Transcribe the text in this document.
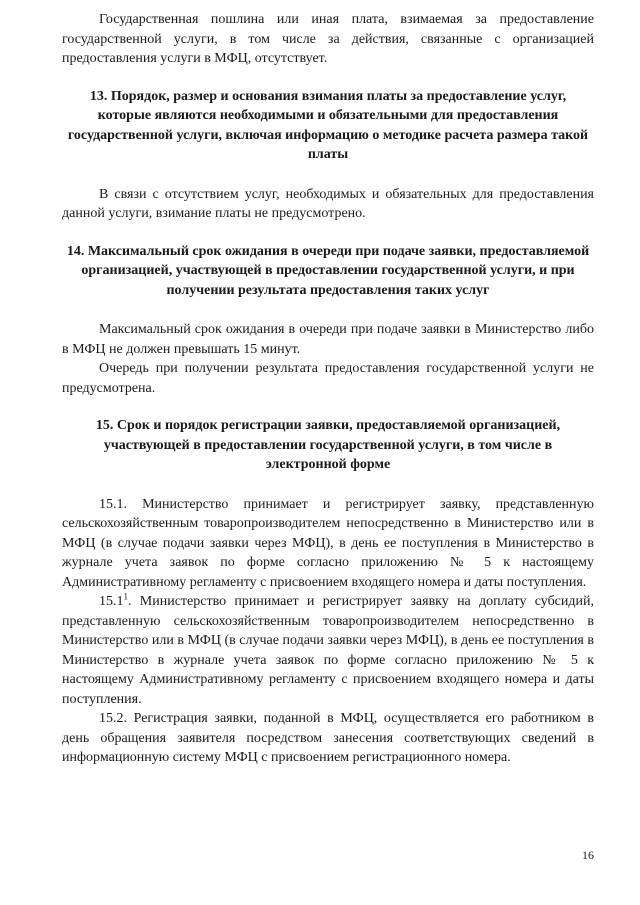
Государственная пошлина или иная плата, взимаемая за предоставление государственной услуги, в том числе за действия, связанные с организацией предоставления услуги в МФЦ, отсутствует.

13. Порядок, размер и основания взимания платы за предоставление услуг, которые являются необходимыми и обязательными для предоставления государственной услуги, включая информацию о методике расчета размера такой платы

В связи с отсутствием услуг, необходимых и обязательных для предоставления данной услуги, взимание платы не предусмотрено.

14. Максимальный срок ожидания в очереди при подаче заявки, предоставляемой организацией, участвующей в предоставлении государственной услуги, и при получении результата предоставления таких услуг

Максимальный срок ожидания в очереди при подаче заявки в Министерство либо в МФЦ не должен превышать 15 минут.

Очередь при получении результата предоставления государственной услуги не предусмотрена.

15. Срок и порядок регистрации заявки, предоставляемой организацией, участвующей в предоставлении государственной услуги, в том числе в электронной форме

15.1. Министерство принимает и регистрирует заявку, представленную сельскохозяйственным товаропроизводителем непосредственно в Министерство или в МФЦ (в случае подачи заявки через МФЦ), в день ее поступления в Министерство в журнале учета заявок по форме согласно приложению № 5 к настоящему Административному регламенту с присвоением входящего номера и даты поступления.

15.1$^1$. Министерство принимает и регистрирует заявку на доплату субсидий, представленную сельскохозяйственным товаропроизводителем непосредственно в Министерство или в МФЦ (в случае подачи заявки через МФЦ), в день ее поступления в Министерство в журнале учета заявок по форме согласно приложению № 5 к настоящему Административному регламенту с присвоением входящего номера и даты поступления.

15.2. Регистрация заявки, поданной в МФЦ, осуществляется его работником в день обращения заявителя посредством занесения соответствующих сведений в информационную систему МФЦ с присвоением регистрационного номера.

16
